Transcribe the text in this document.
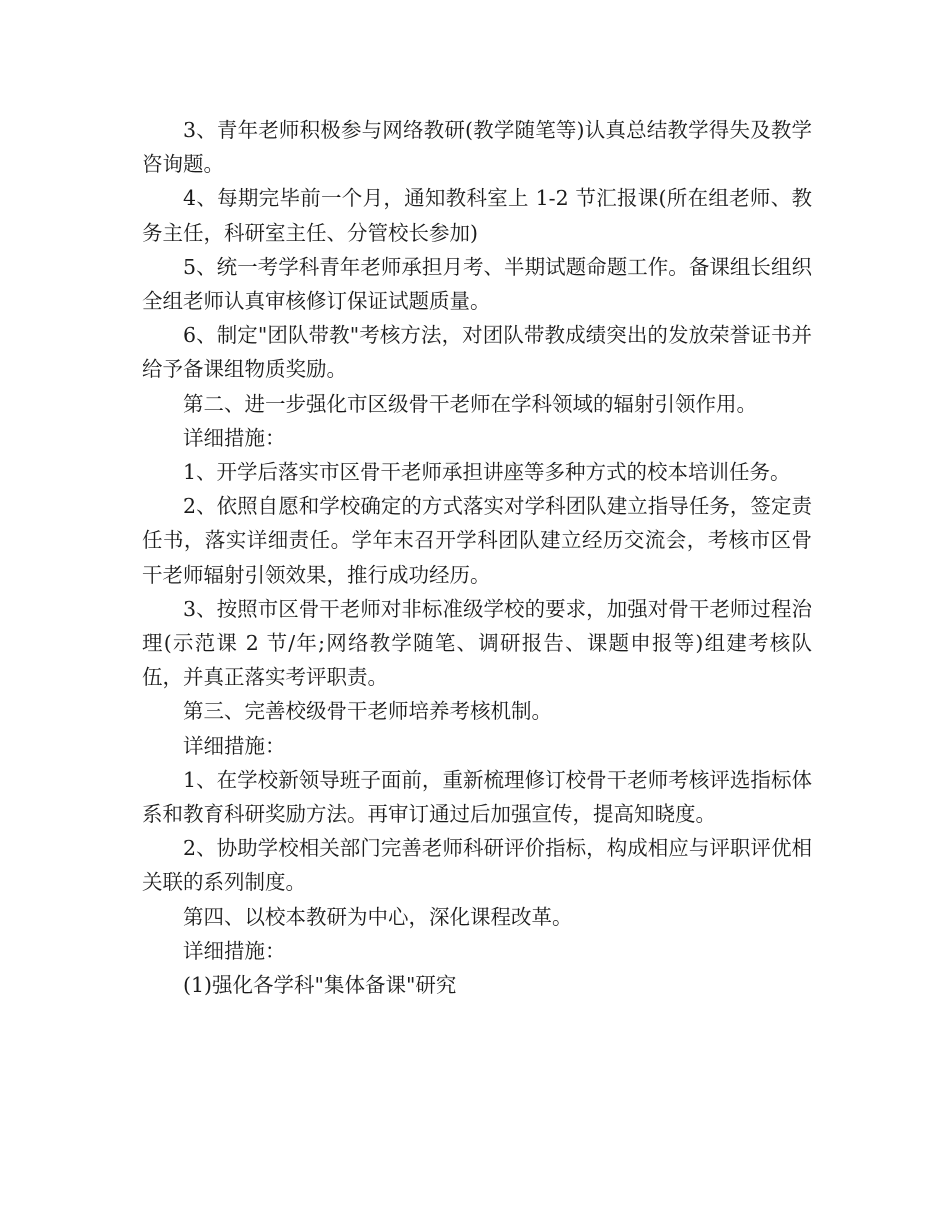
3、青年老师积极参与网络教研(教学随笔等)认真总结教学得失及教学咨询题。

4、每期完毕前一个月，通知教科室上 1-2 节汇报课(所在组老师、教务主任，科研室主任、分管校长参加)

5、统一考学科青年老师承担月考、半期试题命题工作。备课组长组织全组老师认真审核修订保证试题质量。

6、制定"团队带教"考核方法，对团队带教成绩突出的发放荣誉证书并给予备课组物质奖励。

第二、进一步强化市区级骨干老师在学科领域的辐射引领作用。

详细措施：

1、开学后落实市区骨干老师承担讲座等多种方式的校本培训任务。

2、依照自愿和学校确定的方式落实对学科团队建立指导任务，签定责任书，落实详细责任。学年末召开学科团队建立经历交流会，考核市区骨干老师辐射引领效果，推行成功经历。

3、按照市区骨干老师对非标准级学校的要求，加强对骨干老师过程治理(示范课 2 节/年;网络教学随笔、调研报告、课题申报等)组建考核队伍，并真正落实考评职责。

第三、完善校级骨干老师培养考核机制。

详细措施：

1、在学校新领导班子面前，重新梳理修订校骨干老师考核评选指标体系和教育科研奖励方法。再审订通过后加强宣传，提高知晓度。

2、协助学校相关部门完善老师科研评价指标，构成相应与评职评优相关联的系列制度。

第四、以校本教研为中心，深化课程改革。

详细措施：

(1)强化各学科"集体备课"研究
